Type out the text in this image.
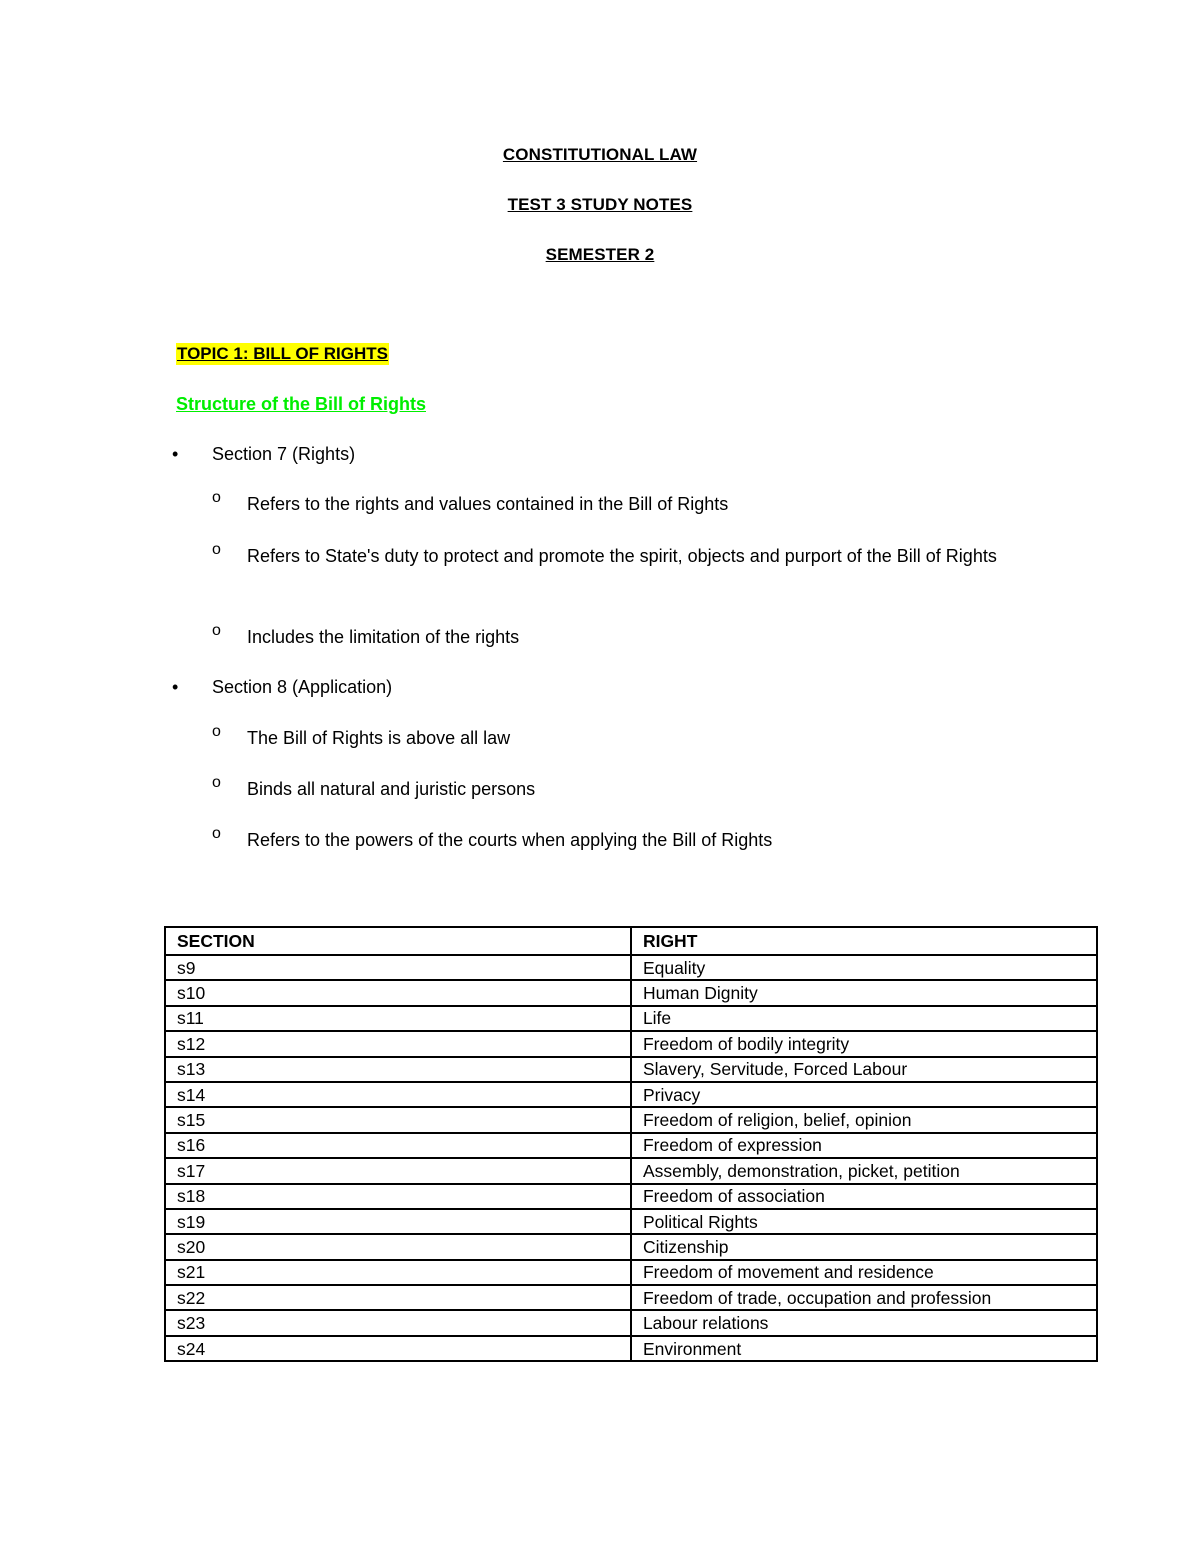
CONSTITUTIONAL LAW
TEST 3 STUDY NOTES
SEMESTER 2
TOPIC 1: BILL OF RIGHTS
Structure of the Bill of Rights
• Section 7 (Rights)
o Refers to the rights and values contained in the Bill of Rights
o Refers to State's duty to protect and promote the spirit, objects and purport of the Bill of Rights
o Includes the limitation of the rights
• Section 8 (Application)
o The Bill of Rights is above all law
o Binds all natural and juristic persons
o Refers to the powers of the courts when applying the Bill of Rights
SECTION	RIGHT
s9	Equality
s10	Human Dignity
s11	Life
s12	Freedom of bodily integrity
s13	Slavery, Servitude, Forced Labour
s14	Privacy
s15	Freedom of religion, belief, opinion
s16	Freedom of expression
s17	Assembly, demonstration, picket, petition
s18	Freedom of association
s19	Political Rights
s20	Citizenship
s21	Freedom of movement and residence
s22	Freedom of trade, occupation and profession
s23	Labour relations
s24	Environment
